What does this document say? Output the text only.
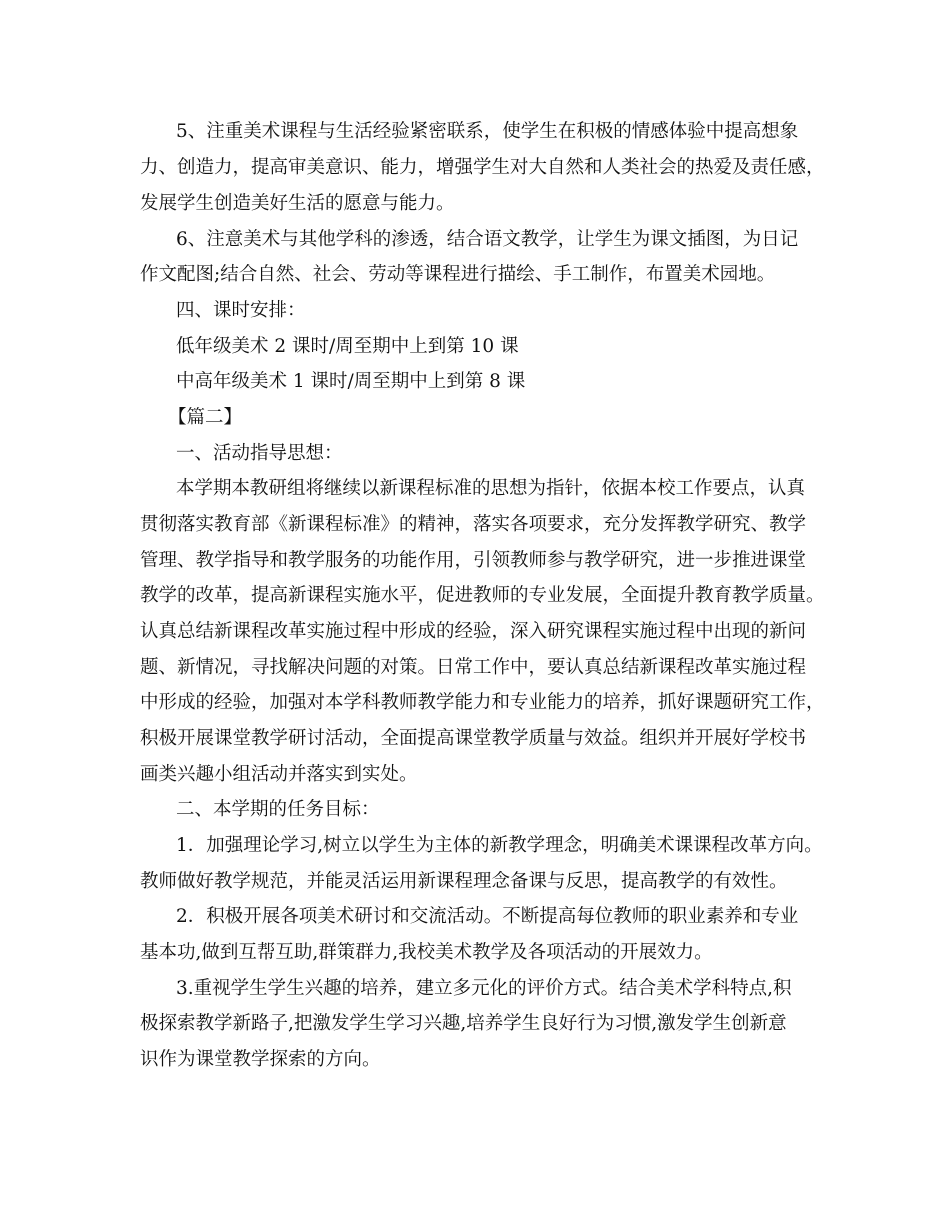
5、注重美术课程与生活经验紧密联系，使学生在积极的情感体验中提高想象
力、创造力，提高审美意识、能力，增强学生对大自然和人类社会的热爱及责任感，
发展学生创造美好生活的愿意与能力。
6、注意美术与其他学科的渗透，结合语文教学，让学生为课文插图，为日记
作文配图;结合自然、社会、劳动等课程进行描绘、手工制作，布置美术园地。
四、课时安排：
低年级美术 2 课时/周至期中上到第 10 课
中高年级美术 1 课时/周至期中上到第 8 课
【篇二】
一、活动指导思想：
本学期本教研组将继续以新课程标准的思想为指针，依据本校工作要点，认真
贯彻落实教育部《新课程标准》的精神，落实各项要求，充分发挥教学研究、教学
管理、教学指导和教学服务的功能作用，引领教师参与教学研究，进一步推进课堂
教学的改革，提高新课程实施水平，促进教师的专业发展，全面提升教育教学质量。
认真总结新课程改革实施过程中形成的经验，深入研究课程实施过程中出现的新问
题、新情况，寻找解决问题的对策。日常工作中，要认真总结新课程改革实施过程
中形成的经验，加强对本学科教师教学能力和专业能力的培养，抓好课题研究工作，
积极开展课堂教学研讨活动，全面提高课堂教学质量与效益。组织并开展好学校书
画类兴趣小组活动并落实到实处。
二、本学期的任务目标：
1．加强理论学习,树立以学生为主体的新教学理念，明确美术课课程改革方向。
教师做好教学规范，并能灵活运用新课程理念备课与反思，提高教学的有效性。
2．积极开展各项美术研讨和交流活动。不断提高每位教师的职业素养和专业
基本功,做到互帮互助,群策群力,我校美术教学及各项活动的开展效力。
3.重视学生学生兴趣的培养，建立多元化的评价方式。结合美术学科特点,积
极探索教学新路子,把激发学生学习兴趣,培养学生良好行为习惯,激发学生创新意
识作为课堂教学探索的方向。
